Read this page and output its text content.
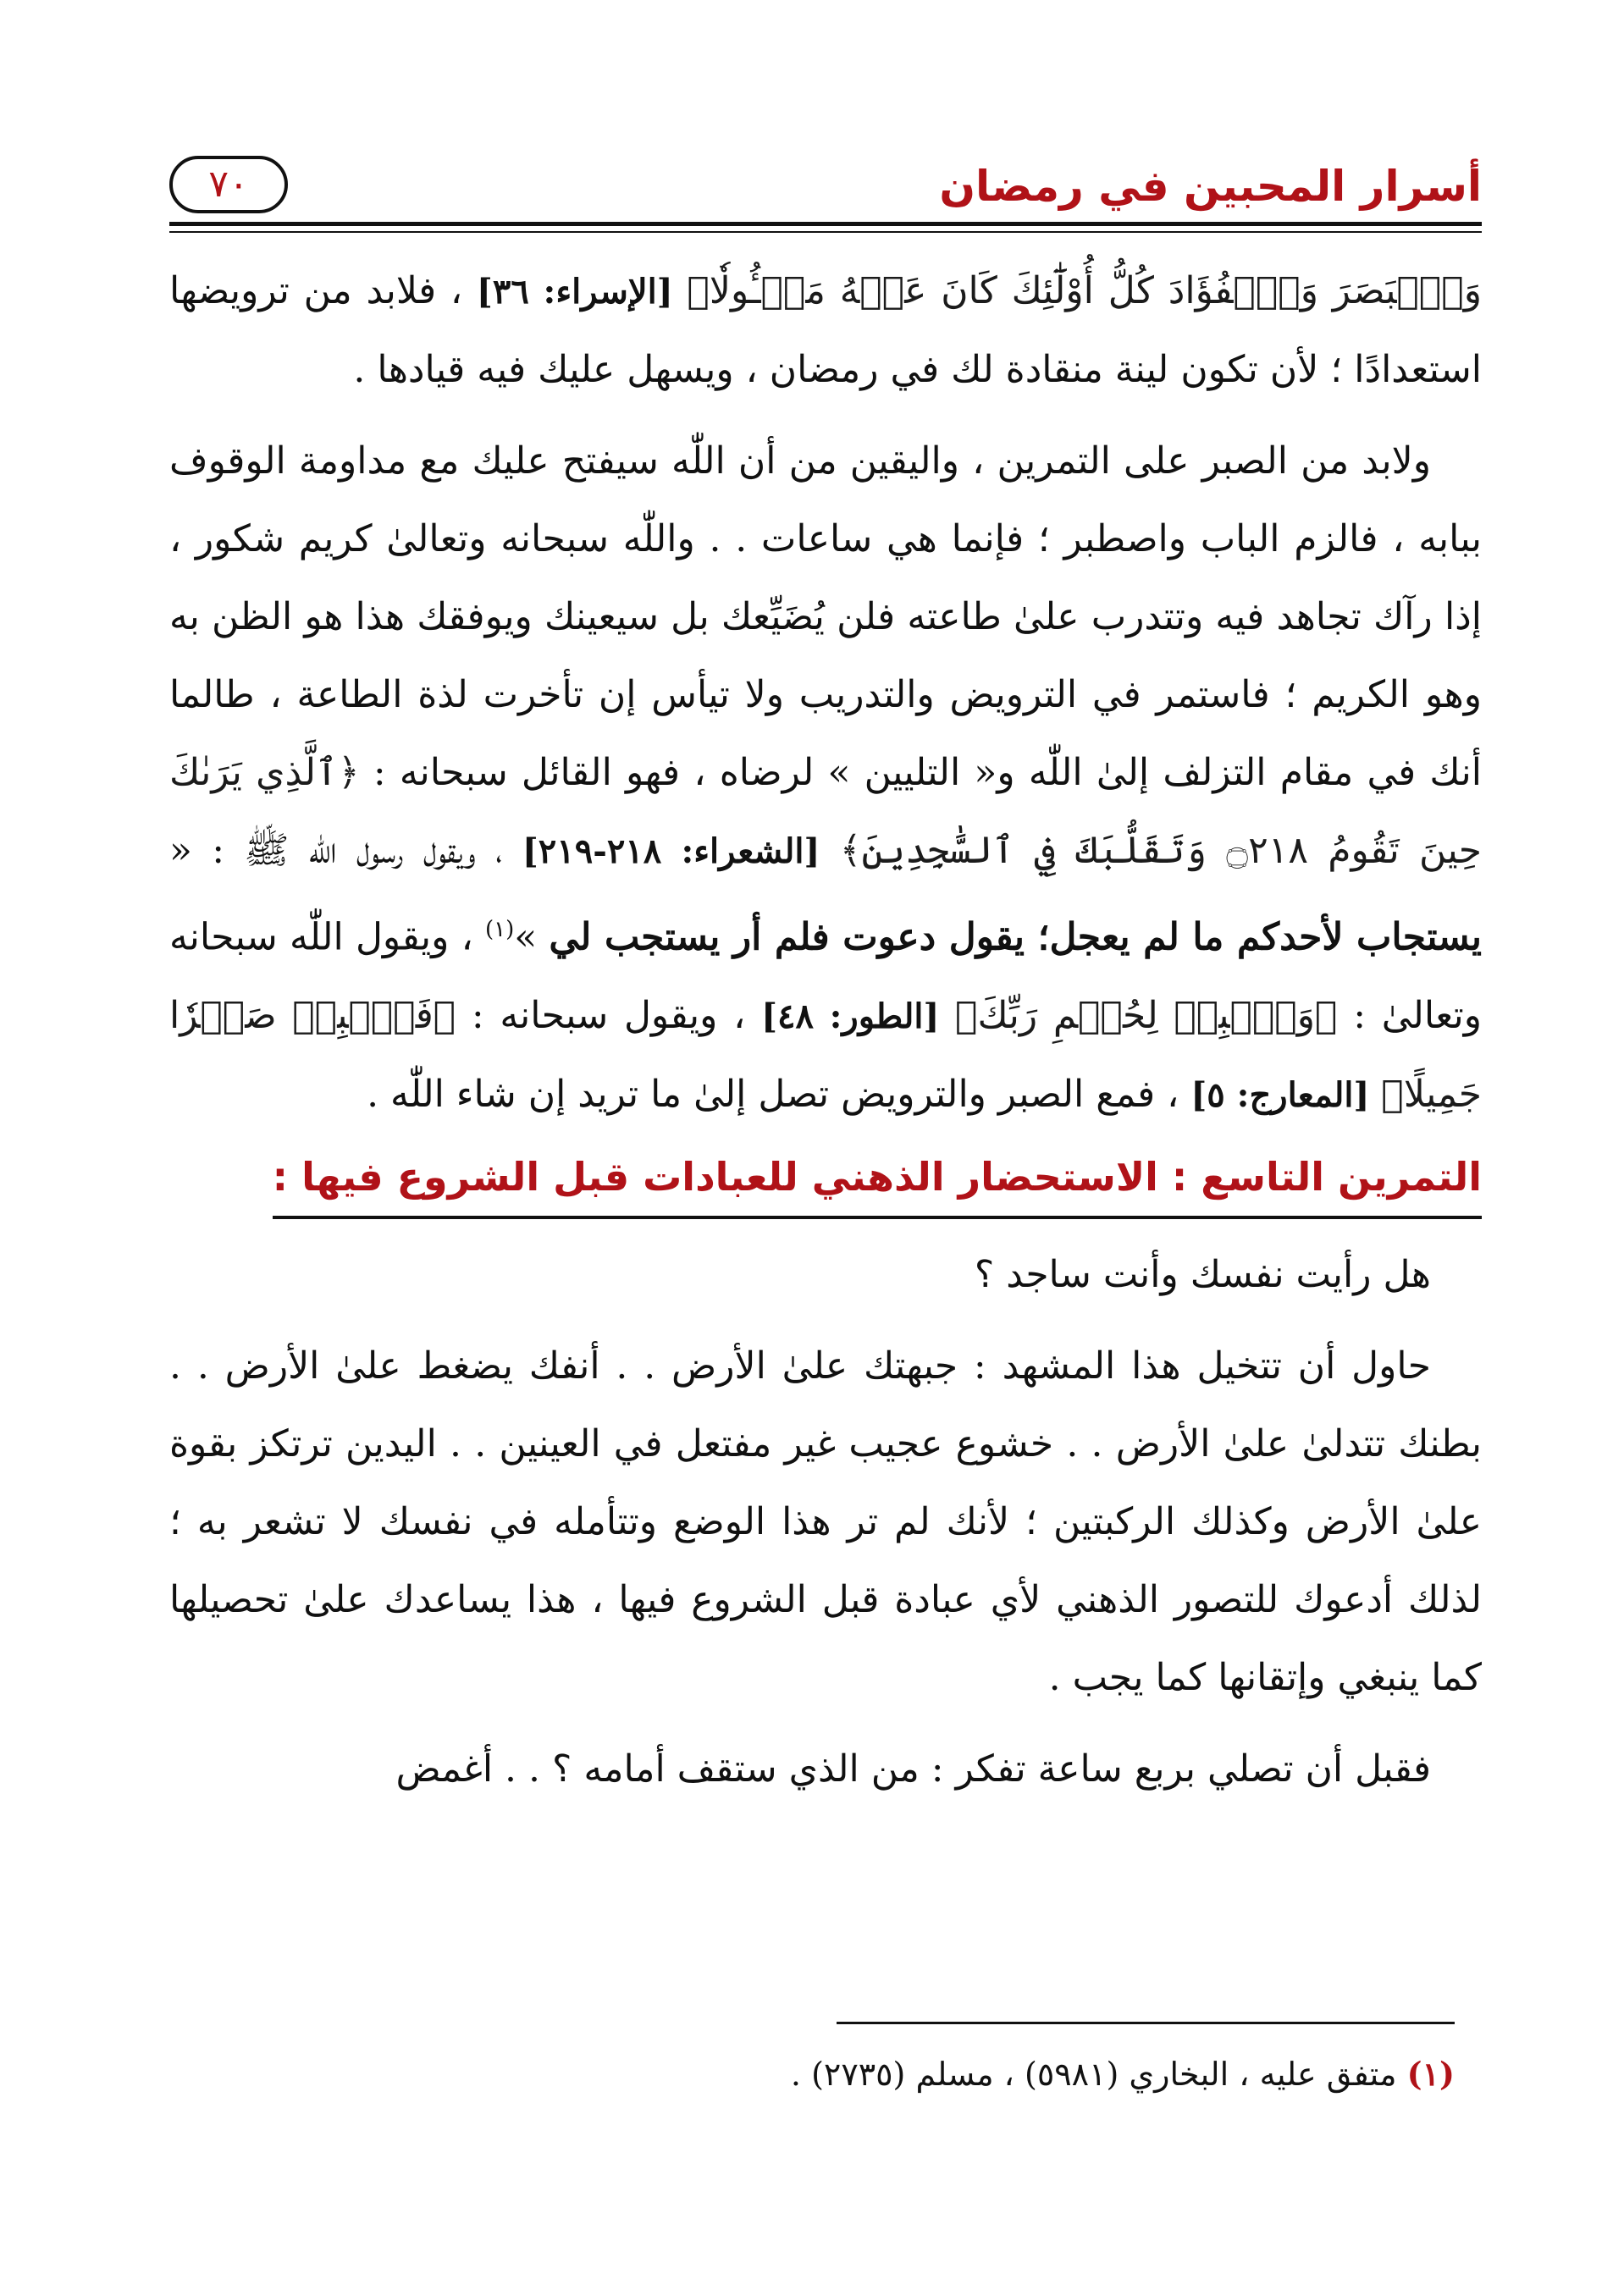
أسرار المحبين في رمضان
٧٠

وَٱلۡبَصَرَ وَٱلۡفُؤَادَ كُلُّ أُوْلَٰٓئِكَ كَانَ عَنۡهُ مَسۡـُٔولٗا﴾ [الإسراء: ٣٦] ، فلابد من ترويضها استعدادًا ؛ لأن تكون لينة منقادة لك في رمضان ، ويسهل عليك فيه قيادها .

ولابد من الصبر على التمرين ، واليقين من أن اللّٰه سيفتح عليك مع مداومة الوقوف ببابه ، فالزم الباب واصطبر ؛ فإنما هي ساعات . . واللّٰه سبحانه وتعالىٰ كريم شكور ، إذا رآك تجاهد فيه وتتدرب علىٰ طاعته فلن يُضَيِّعك بل سيعينك ويوفقك هذا هو الظن به وهو الكريم ؛ فاستمر في الترويض والتدريب ولا تيأس إن تأخرت لذة الطاعة ، طالما أنك في مقام التزلف إلىٰ اللّٰه و« التليين » لرضاه ، فهو القائل سبحانه : ﴿ٱلَّذِي يَرَىٰكَ حِينَ تَقُومُ ۝٢١٨ وَتَقَلُّبَكَ فِي ٱلسَّٰجِدِينَ﴾ [الشعراء: ٢١٨-٢١٩] ، ويقول رسول اللّٰه ﷺ : « يستجاب لأحدكم ما لم يعجل؛ يقول دعوت فلم أر يستجب لي »$^{(١)}$ ، ويقول اللّٰه سبحانه وتعالىٰ : ﴿وَٱصۡبِرۡ لِحُكۡمِ رَبِّكَ﴾ [الطور: ٤٨] ، ويقول سبحانه : ﴿فَٱصۡبِرۡ صَبۡرٗا جَمِيلًا﴾ [المعارج: ٥] ، فمع الصبر والترويض تصل إلىٰ ما تريد إن شاء اللّٰه .

التمرين التاسع : الاستحضار الذهني للعبادات قبل الشروع فيها :

هل رأيت نفسك وأنت ساجد ؟

حاول أن تتخيل هذا المشهد : جبهتك علىٰ الأرض . . أنفك يضغط علىٰ الأرض . . بطنك تتدلىٰ علىٰ الأرض . . خشوع عجيب غير مفتعل في العينين . . اليدين ترتكز بقوة علىٰ الأرض وكذلك الركبتين ؛ لأنك لم تر هذا الوضع وتتأمله في نفسك لا تشعر به ؛ لذلك أدعوك للتصور الذهني لأي عبادة قبل الشروع فيها ، هذا يساعدك علىٰ تحصيلها كما ينبغي وإتقانها كما يجب .

فقبل أن تصلي بربع ساعة تفكر : من الذي ستقف أمامه ؟ . . أغمض

(١) متفق عليه ، البخاري (٥٩٨١) ، مسلم (٢٧٣٥) .
